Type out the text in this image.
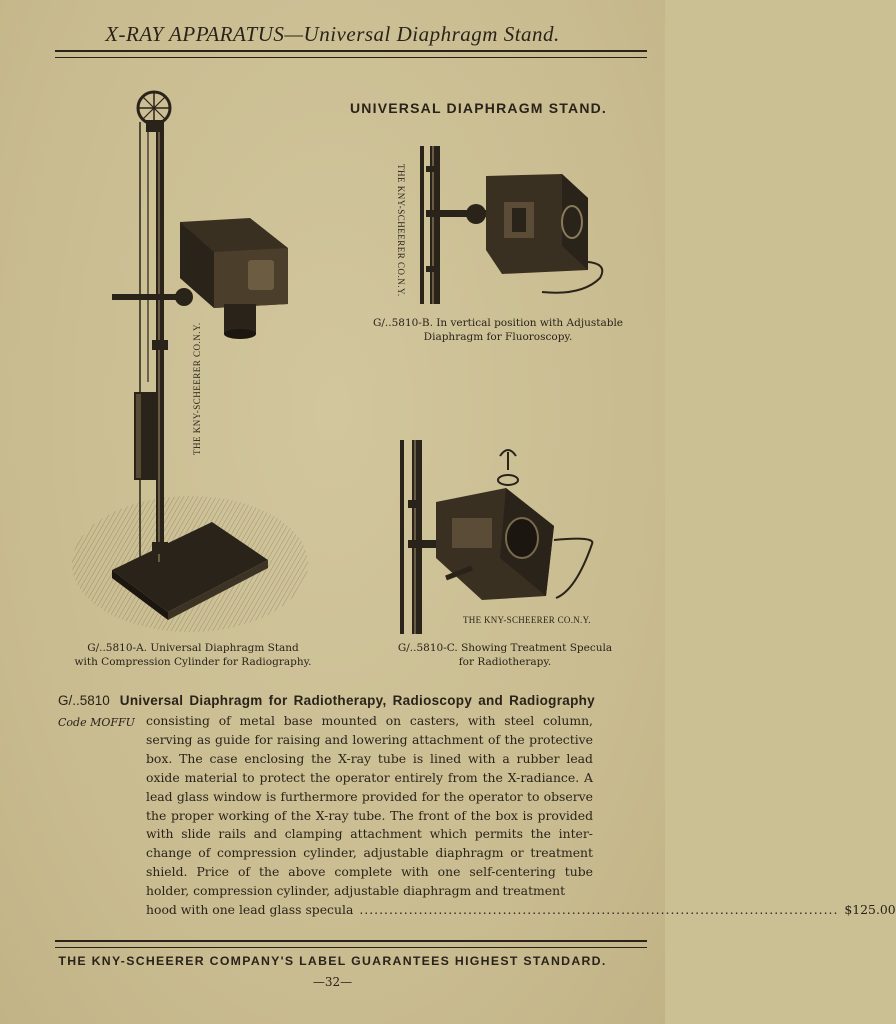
X-RAY APPARATUS—Universal Diaphragm Stand.
UNIVERSAL DIAPHRAGM STAND.
THE KNY-SCHEERER CO.N.Y.
G/..5810-A. Universal Diaphragm Stand
with Compression Cylinder for Radiography.
THE KNY-SCHEERER CO.N.Y.
G/..5810-B. In vertical position with Adjustable
Diaphragm for Fluoroscopy.
THE KNY-SCHEERER CO.N.Y.
G/..5810-C. Showing Treatment Specula
for Radiotherapy.
G/..5810 Universal Diaphragm for Radiotherapy, Radioscopy and Radiography
Code MOFFU consisting of metal base mounted on casters, with steel column, serving as guide for raising and lowering attachment of the protective box. The case enclosing the X-ray tube is lined with a rubber lead oxide material to protect the operator entirely from the X-radiance. A lead glass window is furthermore provided for the operator to observe the proper working of the X-ray tube. The front of the box is provided with slide rails and clamping attachment which permits the inter-change of compression cylinder, adjustable diaphragm or treatment shield. Price of the above complete with one self-centering tube holder, compression cylinder, adjustable diaphragm and treatment
hood with one lead glass specula ................................................................................................. $125.00
THE KNY-SCHEERER COMPANY'S LABEL GUARANTEES HIGHEST STANDARD.
—32—
